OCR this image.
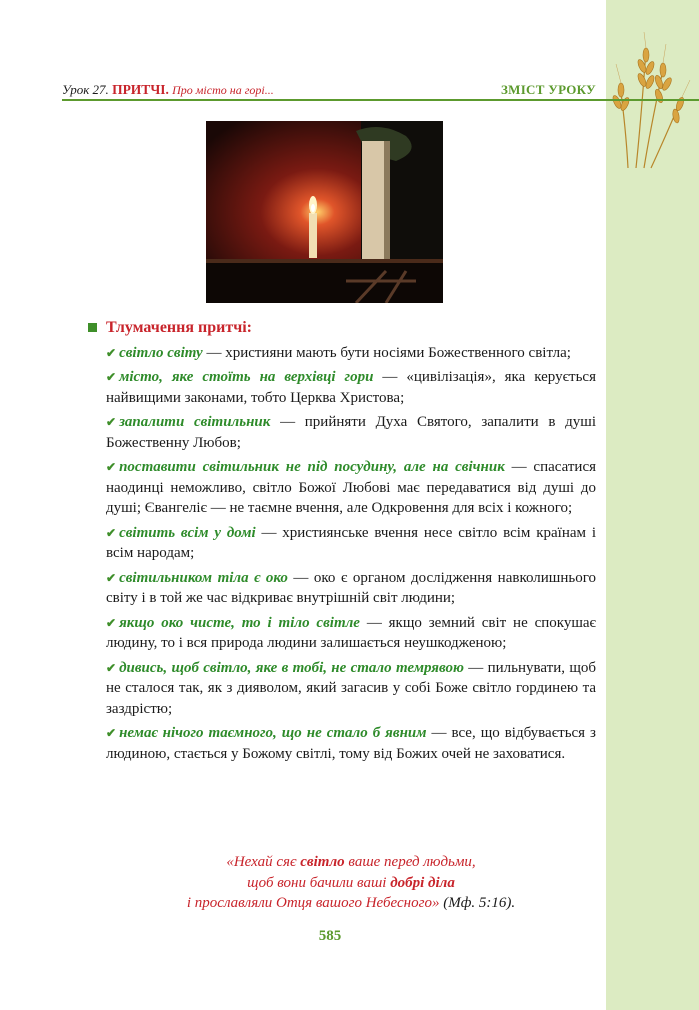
Урок 27. ПРИТЧІ. Про місто на горі...	ЗМІСТ УРОКУ
Тлумачення притчі:
✔ світло світу — християни мають бути носіями Божественного світла;
✔ місто, яке стоїть на верхівці гори — «цивілізація», яка керується найвищими законами, тобто Церква Христова;
✔ запалити світильник — прийняти Духа Святого, запалити в душі Божественну Любов;
✔ поставити світильник не під посудину, але на свічник — спасатися наодинці неможливо, світло Божої Любові має передаватися від душі до душі; Євангеліє — не таємне вчення, але Одкровення для всіх і кожного;
✔ світить всім у домі — християнське вчення несе світло всім країнам і всім народам;
✔ світильником тіла є око — око є органом дослідження навколишнього світу і в той же час відкриває внутрішній світ людини;
✔ якщо око чисте, то і тіло світле — якщо земний світ не спокушає людину, то і вся природа людини залишається неушкодженою;
✔ дивись, щоб світло, яке в тобі, не стало темрявою — пильнувати, щоб не сталося так, як з дияволом, який загасив у собі Боже світло гординею та заздрістю;
✔ немає нічого таємного, що не стало б явним — все, що відбувається з людиною, стається у Божому світлі, тому від Божих очей не заховатися.
«Нехай сяє світло ваше перед людьми,
щоб вони бачили ваші добрі діла
і прославляли Отця вашого Небесного» (Мф. 5:16).
585
